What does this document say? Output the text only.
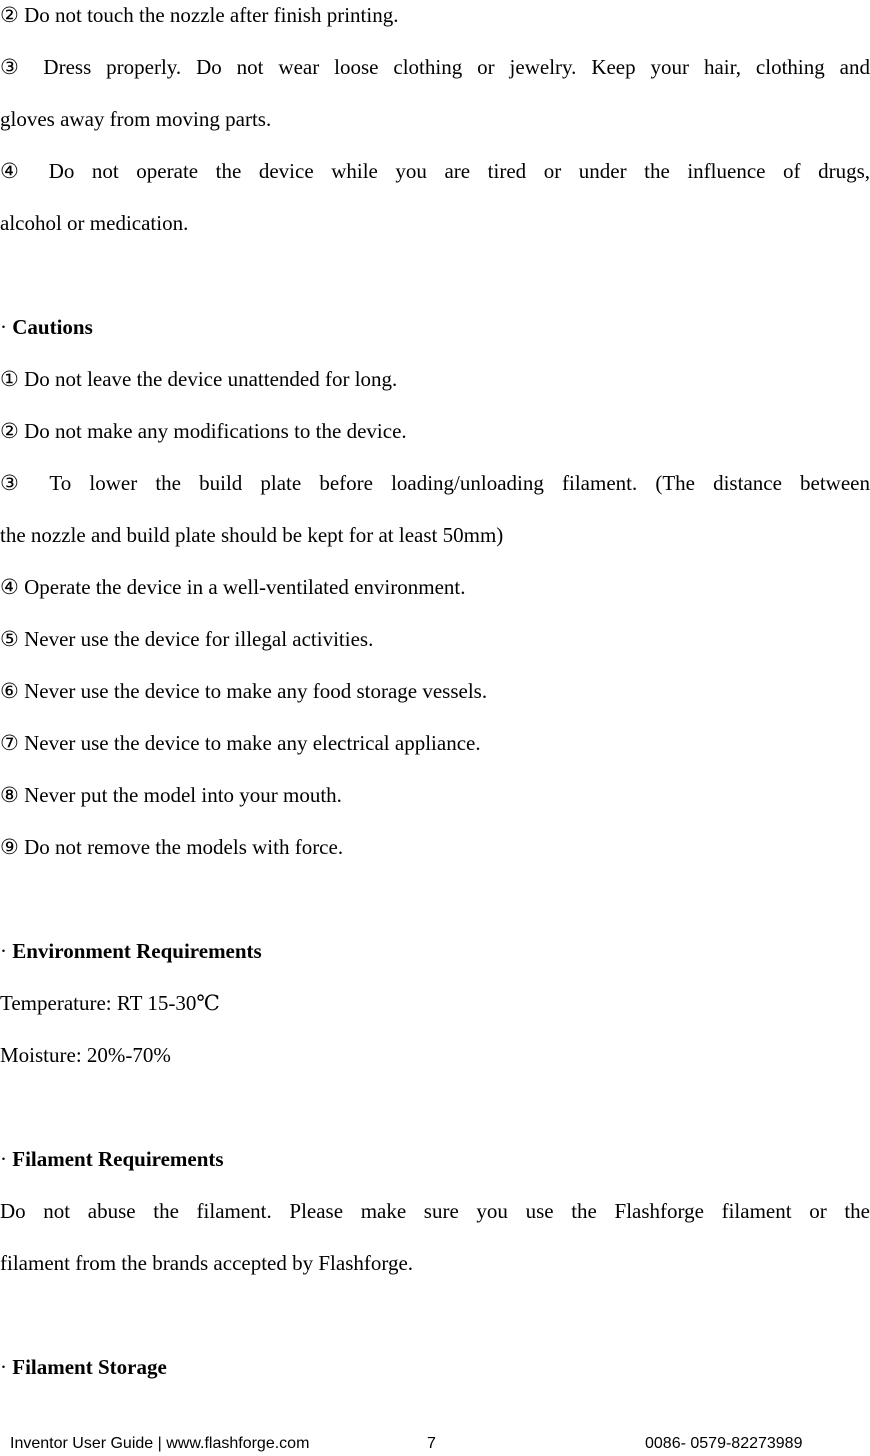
② Do not touch the nozzle after finish printing.
③ Dress properly. Do not wear loose clothing or jewelry. Keep your hair, clothing and
gloves away from moving parts.
④ Do not operate the device while you are tired or under the influence of drugs,
alcohol or medication.
· Cautions
① Do not leave the device unattended for long.
② Do not make any modifications to the device.
③ To lower the build plate before loading/unloading filament. (The distance between
the nozzle and build plate should be kept for at least 50mm)
④ Operate the device in a well-ventilated environment.
⑤ Never use the device for illegal activities.
⑥ Never use the device to make any food storage vessels.
⑦ Never use the device to make any electrical appliance.
⑧ Never put the model into your mouth.
⑨ Do not remove the models with force.
· Environment Requirements
Temperature: RT 15-30℃
Moisture: 20%-70%
· Filament Requirements
Do not abuse the filament. Please make sure you use the Flashforge filament or the
filament from the brands accepted by Flashforge.
· Filament Storage
Inventor User Guide | www.flashforge.com	7	0086- 0579-82273989
